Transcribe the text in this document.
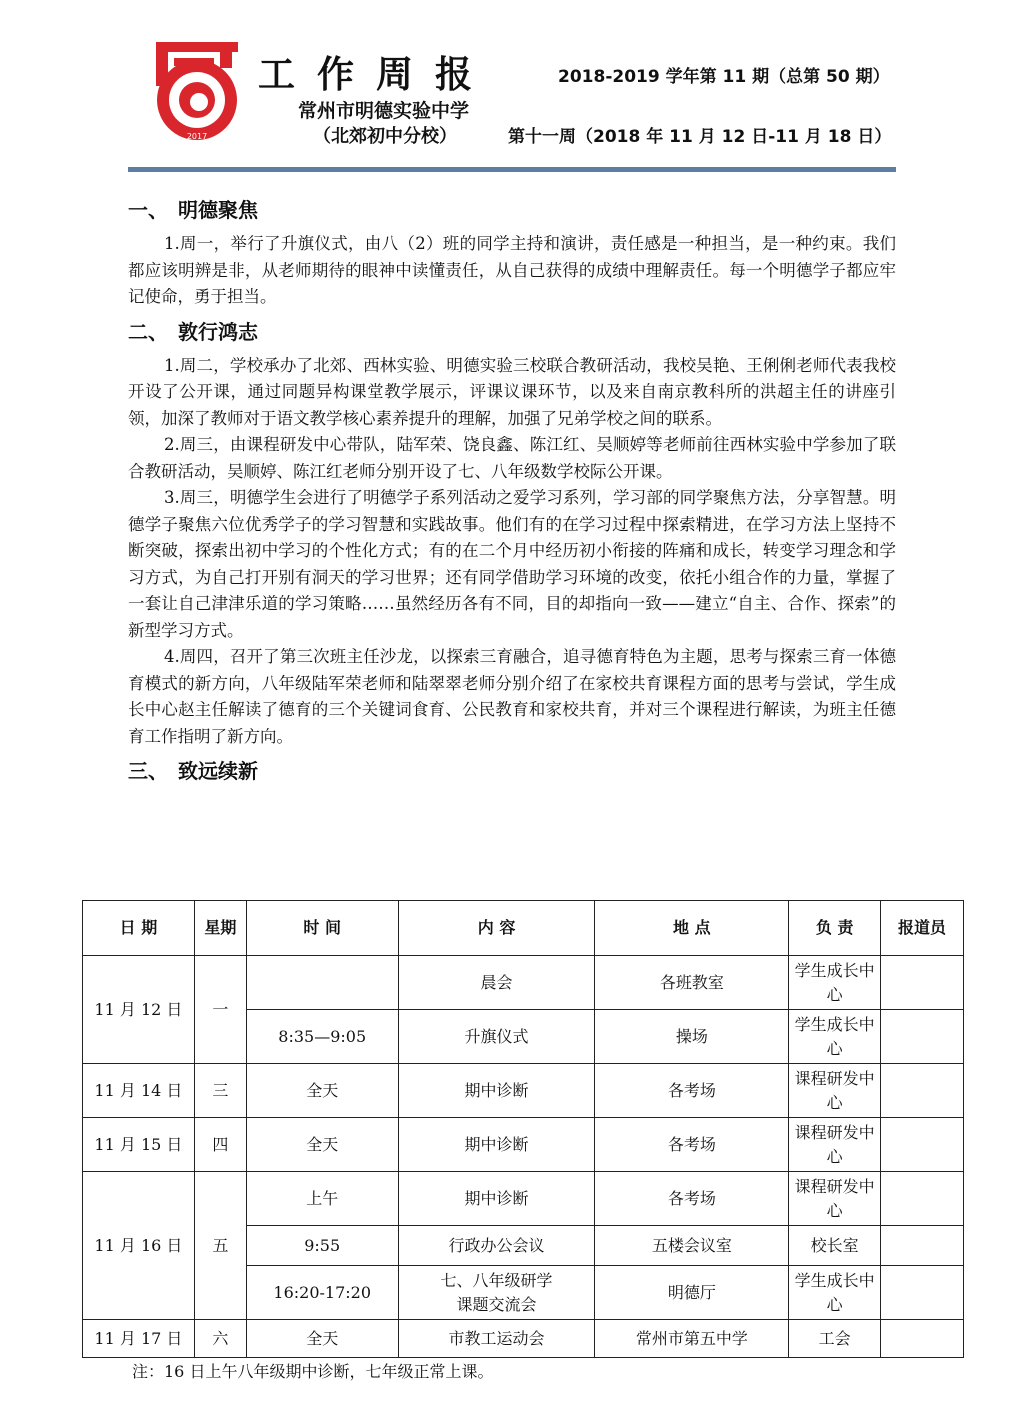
2017
工作周报	2018-2019 学年第 11 期（总第 50 期）
常州市明德实验中学
（北郊初中分校）	第十一周（2018 年 11 月 12 日-11 月 18 日）
一、 明德聚焦

1.周一，举行了升旗仪式，由八（2）班的同学主持和演讲，责任感是一种担当，是一种约束。我们都应该明辨是非，从老师期待的眼神中读懂责任，从自己获得的成绩中理解责任。每一个明德学子都应牢记使命，勇于担当。

二、 敦行鸿志

1.周二，学校承办了北郊、西林实验、明德实验三校联合教研活动，我校吴艳、王俐俐老师代表我校开设了公开课，通过同题异构课堂教学展示，评课议课环节，以及来自南京教科所的洪超主任的讲座引领，加深了教师对于语文教学核心素养提升的理解，加强了兄弟学校之间的联系。

2.周三，由课程研发中心带队，陆军荣、饶良鑫、陈江红、吴顺婷等老师前往西林实验中学参加了联合教研活动，吴顺婷、陈江红老师分别开设了七、八年级数学校际公开课。

3.周三，明德学生会进行了明德学子系列活动之爱学习系列，学习部的同学聚焦方法，分享智慧。明德学子聚焦六位优秀学子的学习智慧和实践故事。他们有的在学习过程中探索精进，在学习方法上坚持不断突破，探索出初中学习的个性化方式；有的在二个月中经历初小衔接的阵痛和成长，转变学习理念和学习方式，为自己打开别有洞天的学习世界；还有同学借助学习环境的改变，依托小组合作的力量，掌握了一套让自己津津乐道的学习策略……虽然经历各有不同，目的却指向一致——建立“自主、合作、探索”的新型学习方式。

4.周四，召开了第三次班主任沙龙，以探索三育融合，追寻德育特色为主题，思考与探索三育一体德育模式的新方向，八年级陆军荣老师和陆翠翠老师分别介绍了在家校共育课程方面的思考与尝试，学生成长中心赵主任解读了德育的三个关键词食育、公民教育和家校共育，并对三个课程进行解读，为班主任德育工作指明了新方向。

三、 致远续新
日 期	星期	时 间	内 容	地 点	负 责	报道员
11 月 12 日	一		晨会	各班教室	学生成长中心	
		8:35—9:05	升旗仪式	操场	学生成长中心	
11 月 14 日	三	全天	期中诊断	各考场	课程研发中心	
11 月 15 日	四	全天	期中诊断	各考场	课程研发中心	
11 月 16 日	五	上午	期中诊断	各考场	课程研发中心	
		9:55	行政办公会议	五楼会议室	校长室	
		16:20-17:20	七、八年级研学课题交流会	明德厅	学生成长中心	
11 月 17 日	六	全天	市教工运动会	常州市第五中学	工会	
注：16 日上午八年级期中诊断，七年级正常上课。
